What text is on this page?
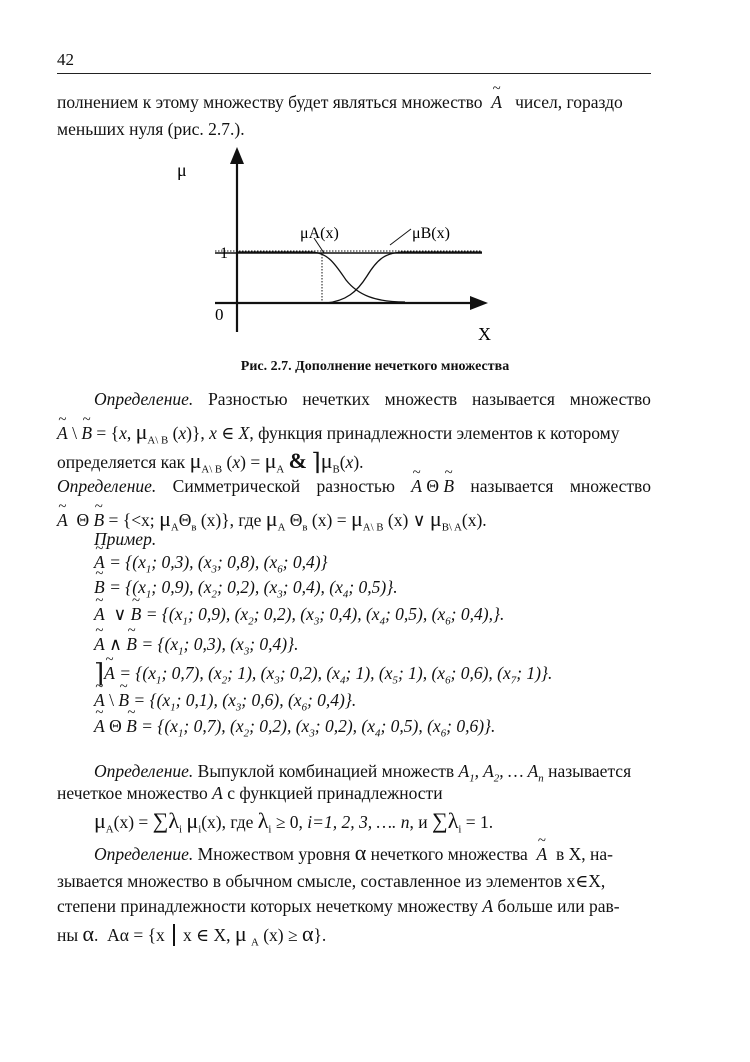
42
полнением к этому множеству будет являться множество ~ A чисел, гораздо
меньших нуля (рис. 2.7.).
μ
X
1
0
μA(x)	μB(x)
Рис. 2.7. Дополнение нечеткого множества
Определение. Разностью нечетких множеств называется множество
~ A \ ~ B = {x, $\mu_{A\backslash B}$ (x)}, x ∈ X, функция принадлежности элементов к которому
определяется как $\mu_{A\backslash B}$ $(x) = \mu_A$ & $⌉\mu_B(x)$.
Определение. Симметрической разностью ~ A Θ ~ B называется множество
~ A  Θ ~ B = {<x; $\mu_A\Theta_в$ (x)}, где $\mu_A$ $\Theta_в$ $(x) = \mu_{A\backslash B}$ (x) ∨ $\mu_{B\backslash A}(x)$.
Пример.
~ $A = \{(x_1$; 0,3), ($x_3$; 0,8), ($x_6$; 0,4)}
~ $B = \{(x_1$; 0,9), ($x_2$; 0,2), ($x_3$; 0,4), ($x_4$; 0,5)}.
~ A ∨ ~ $B = \{(x_1$; 0,9), ($x_2$; 0,2), ($x_3$; 0,4), ($x_4$; 0,5), ($x_6$; 0,4),}.
~ A ∧ ~ $B = \{(x_1$; 0,3), ($x_3$; 0,4)}.
⌉~ $A = \{(x_1$; 0,7), ($x_2$; 1), ($x_3$; 0,2), ($x_4$; 1), ($x_5$; 1), ($x_6$; 0,6), ($x_7$; 1)}.
~ A \ ~ $B = \{(x_1$; 0,1), ($x_3$; 0,6), ($x_6$; 0,4)}.
~ A Θ ~ $B = \{(x_1$; 0,7), ($x_2$; 0,2), ($x_3$; 0,2), ($x_4$; 0,5), ($x_6$; 0,6)}.
Определение. Выпуклой комбинацией множеств $A_1$, $A_2$, … $A_n$ называется
нечеткое множество A с функцией принадлежности
$\mu_A(x) = \sum\lambda_i$ $\mu_i(x)$, где $\lambda_i \ge 0$, i=1, 2, 3, …. n, и $\sum\lambda_i = 1$.
Определение. Множеством уровня α нечеткого множества  ~ A  в X, на-
зывается множество в обычном смысле, составленное из элементов x∈X,
степени принадлежности которых нечеткому множеству A больше или рав-
ны α.  Aα = {x  x ∈ X, μ $_A$ (x) ≥ α}.
